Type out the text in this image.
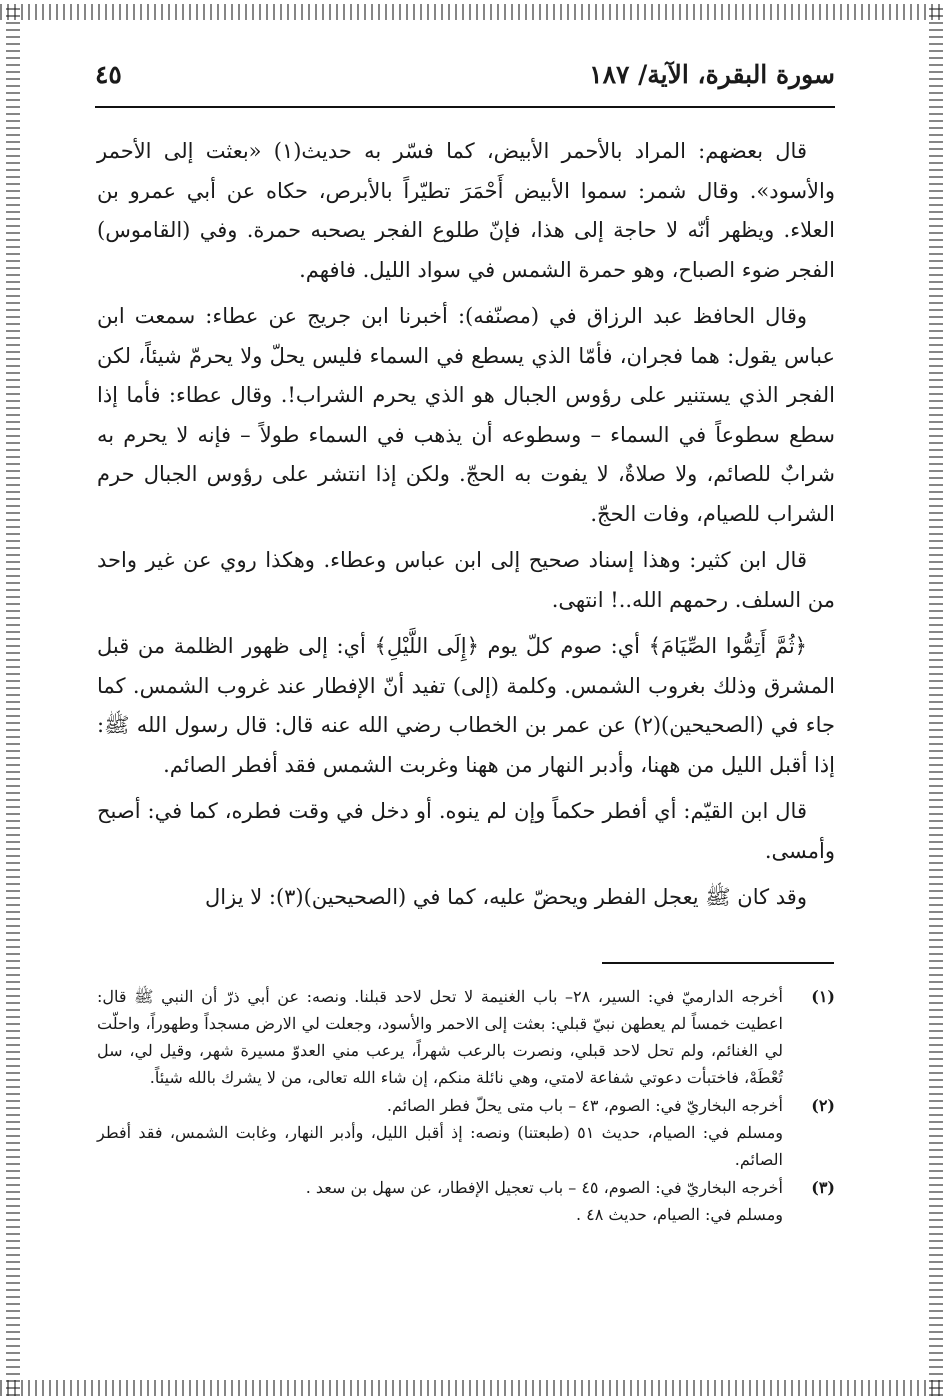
سورة البقرة، الآية/ ١٨٧
٤٥

قال بعضهم: المراد بالأحمر الأبيض، كما فسّر به حديث(١) «بعثت إلى الأحمر والأسود». وقال شمر: سموا الأبيض أَحْمَرَ تطيّراً بالأبرص، حكاه عن أبي عمرو بن العلاء. ويظهر أنّه لا حاجة إلى هذا، فإنّ طلوع الفجر يصحبه حمرة. وفي (القاموس) الفجر ضوء الصباح، وهو حمرة الشمس في سواد الليل. فافهم.

وقال الحافظ عبد الرزاق في (مصنّفه): أخبرنا ابن جريج عن عطاء: سمعت ابن عباس يقول: هما فجران، فأمّا الذي يسطع في السماء فليس يحلّ ولا يحرمّ شيئاً، لكن الفجر الذي يستنير على رؤوس الجبال هو الذي يحرم الشراب!. وقال عطاء: فأما إذا سطع سطوعاً في السماء – وسطوعه أن يذهب في السماء طولاً – فإنه لا يحرم به شرابٌ للصائم، ولا صلاةٌ، لا يفوت به الحجّ. ولكن إذا انتشر على رؤوس الجبال حرم الشراب للصيام، وفات الحجّ.

قال ابن كثير: وهذا إسناد صحيح إلى ابن عباس وعطاء. وهكذا روي عن غير واحد من السلف. رحمهم الله..! انتهى.

﴿ثُمَّ أَتِمُّوا الصِّيَامَ﴾ أي: صوم كلّ يوم ﴿إِلَى اللَّيْلِ﴾ أي: إلى ظهور الظلمة من قبل المشرق وذلك بغروب الشمس. وكلمة (إلى) تفيد أنّ الإفطار عند غروب الشمس. كما جاء في (الصحيحين)(٢) عن عمر بن الخطاب رضي الله عنه قال: قال رسول الله ﷺ: إذا أقبل الليل من ههنا، وأدبر النهار من ههنا وغربت الشمس فقد أفطر الصائم.

قال ابن القيّم: أي أفطر حكماً وإن لم ينوه. أو دخل في وقت فطره، كما في: أصبح وأمسى.

وقد كان ﷺ يعجل الفطر ويحضّ عليه، كما في (الصحيحين)(٣): لا يزال

(١)
أخرجه الدارميّ في: السير، ٢٨– باب الغنيمة لا تحل لاحد قبلنا. ونصه: عن أبي ذرّ أن النبي ﷺ قال: اعطيت خمساً لم يعطهن نبيّ قبلي: بعثت إلى الاحمر والأسود، وجعلت لي الارض مسجداً وطهوراً، واحلّت لي الغنائم، ولم تحل لاحد قبلي، ونصرت بالرعب شهراً، يرعب مني العدوّ مسيرة شهر، وقيل لي، سل تُعْطَهْ، فاختبأت دعوتي شفاعة لامتي، وهي نائلة منكم، إن شاء الله تعالى، من لا يشرك بالله شيئاً.
(٢)
أخرجه البخاريّ في: الصوم، ٤٣ – باب متى يحلّ فطر الصائم.
ومسلم في: الصيام، حديث ٥١ (طبعتنا) ونصه: إذ أقبل الليل، وأدبر النهار، وغابت الشمس، فقد أفطر الصائم.
(٣)
أخرجه البخاريّ في: الصوم، ٤٥ – باب تعجيل الإفطار، عن سهل بن سعد .
ومسلم في: الصيام، حديث ٤٨ .
